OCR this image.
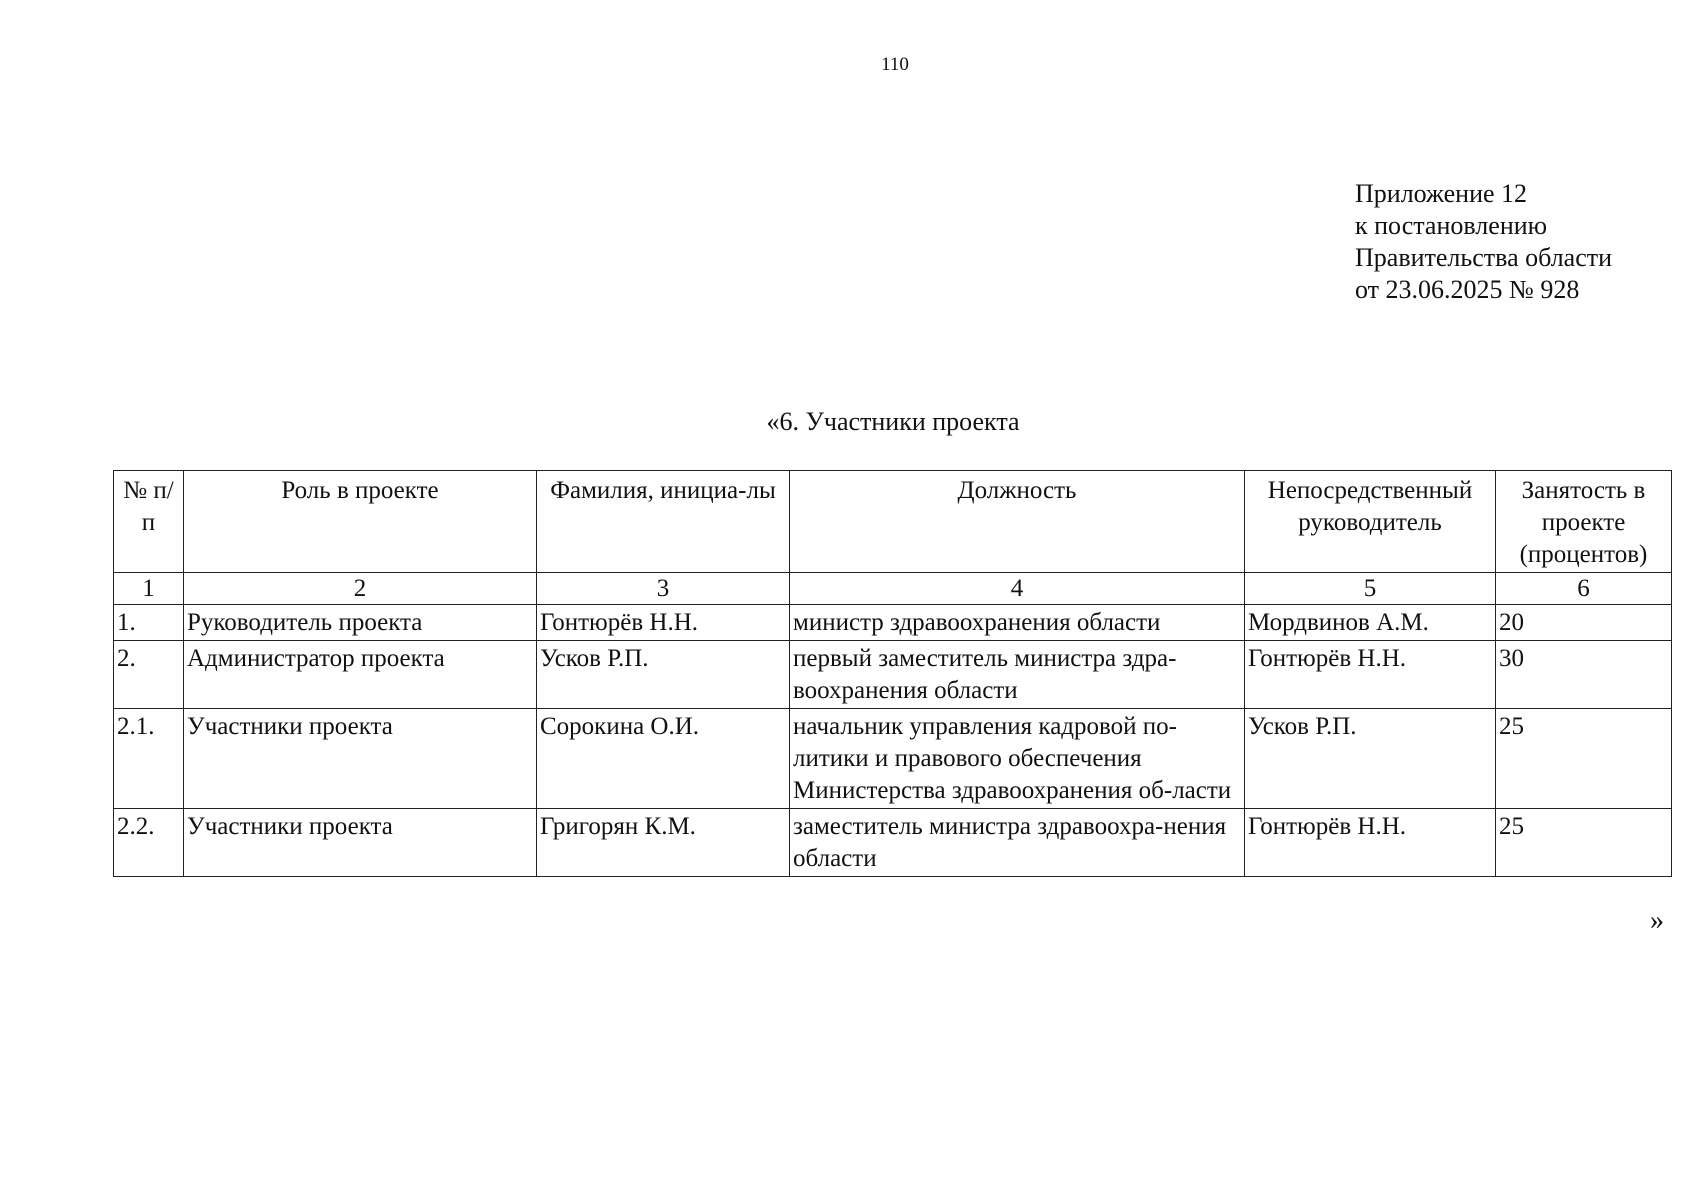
110
Приложение 12
к постановлению
Правительства области
от 23.06.2025 № 928
«6. Участники проекта
№ п/п	Роль в проекте	Фамилия, инициа-лы	Должность	Непосредственный руководитель	Занятость в проекте (процентов)
1	2	3	4	5	6
1.	Руководитель проекта	Гонтюрёв Н.Н.	министр здравоохранения области	Мордвинов А.М.	20
2.	Администратор проекта	Усков Р.П.	первый заместитель министра здра-воохранения области	Гонтюрёв Н.Н.	30
2.1.	Участники проекта	Сорокина О.И.	начальник управления кадровой по-литики и правового обеспечения Министерства здравоохранения об-ласти	Усков Р.П.	25
2.2.	Участники проекта	Григорян К.М.	заместитель министра здравоохра-нения области	Гонтюрёв Н.Н.	25
»
